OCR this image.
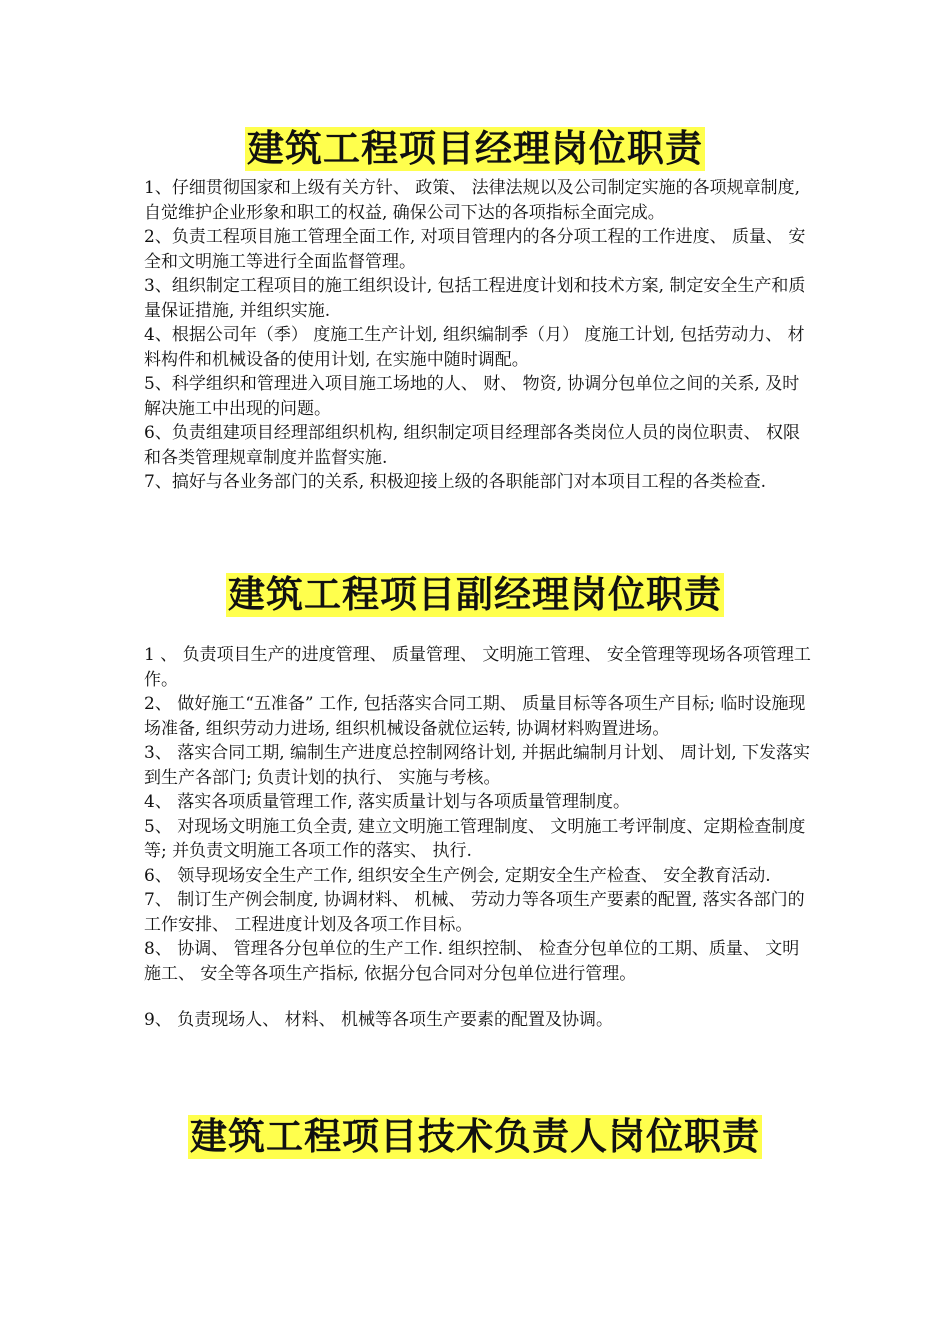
建筑工程项目经理岗位职责

1、仔细贯彻国家和上级有关方针、 政策、 法律法规以及公司制定实施的各项规章制度, 自觉维护企业形象和职工的权益, 确保公司下达的各项指标全面完成。

2、负责工程项目施工管理全面工作, 对项目管理内的各分项工程的工作进度、 质量、 安全和文明施工等进行全面监督管理。

3、组织制定工程项目的施工组织设计, 包括工程进度计划和技术方案, 制定安全生产和质量保证措施, 并组织实施.

4、根据公司年（季） 度施工生产计划, 组织编制季（月） 度施工计划, 包括劳动力、 材料构件和机械设备的使用计划, 在实施中随时调配。

5、科学组织和管理进入项目施工场地的人、 财、 物资, 协调分包单位之间的关系, 及时解决施工中出现的问题。

6、负责组建项目经理部组织机构, 组织制定项目经理部各类岗位人员的岗位职责、 权限和各类管理规章制度并监督实施.

7、搞好与各业务部门的关系, 积极迎接上级的各职能部门对本项目工程的各类检查.

建筑工程项目副经理岗位职责

1 、 负责项目生产的进度管理、 质量管理、 文明施工管理、 安全管理等现场各项管理工作。

2、 做好施工“五准备” 工作, 包括落实合同工期、 质量目标等各项生产目标; 临时设施现场准备, 组织劳动力进场, 组织机械设备就位运转, 协调材料购置进场。

3、 落实合同工期, 编制生产进度总控制网络计划, 并据此编制月计划、 周计划, 下发落实到生产各部门; 负责计划的执行、 实施与考核。

4、 落实各项质量管理工作, 落实质量计划与各项质量管理制度。

5、 对现场文明施工负全责, 建立文明施工管理制度、 文明施工考评制度、定期检查制度等; 并负责文明施工各项工作的落实、 执行.

6、 领导现场安全生产工作, 组织安全生产例会, 定期安全生产检查、 安全教育活动.

7、 制订生产例会制度, 协调材料、 机械、 劳动力等各项生产要素的配置, 落实各部门的工作安排、 工程进度计划及各项工作目标。

8、 协调、 管理各分包单位的生产工作. 组织控制、 检查分包单位的工期、质量、 文明施工、 安全等各项生产指标, 依据分包合同对分包单位进行管理。

9、 负责现场人、 材料、 机械等各项生产要素的配置及协调。

建筑工程项目技术负责人岗位职责
